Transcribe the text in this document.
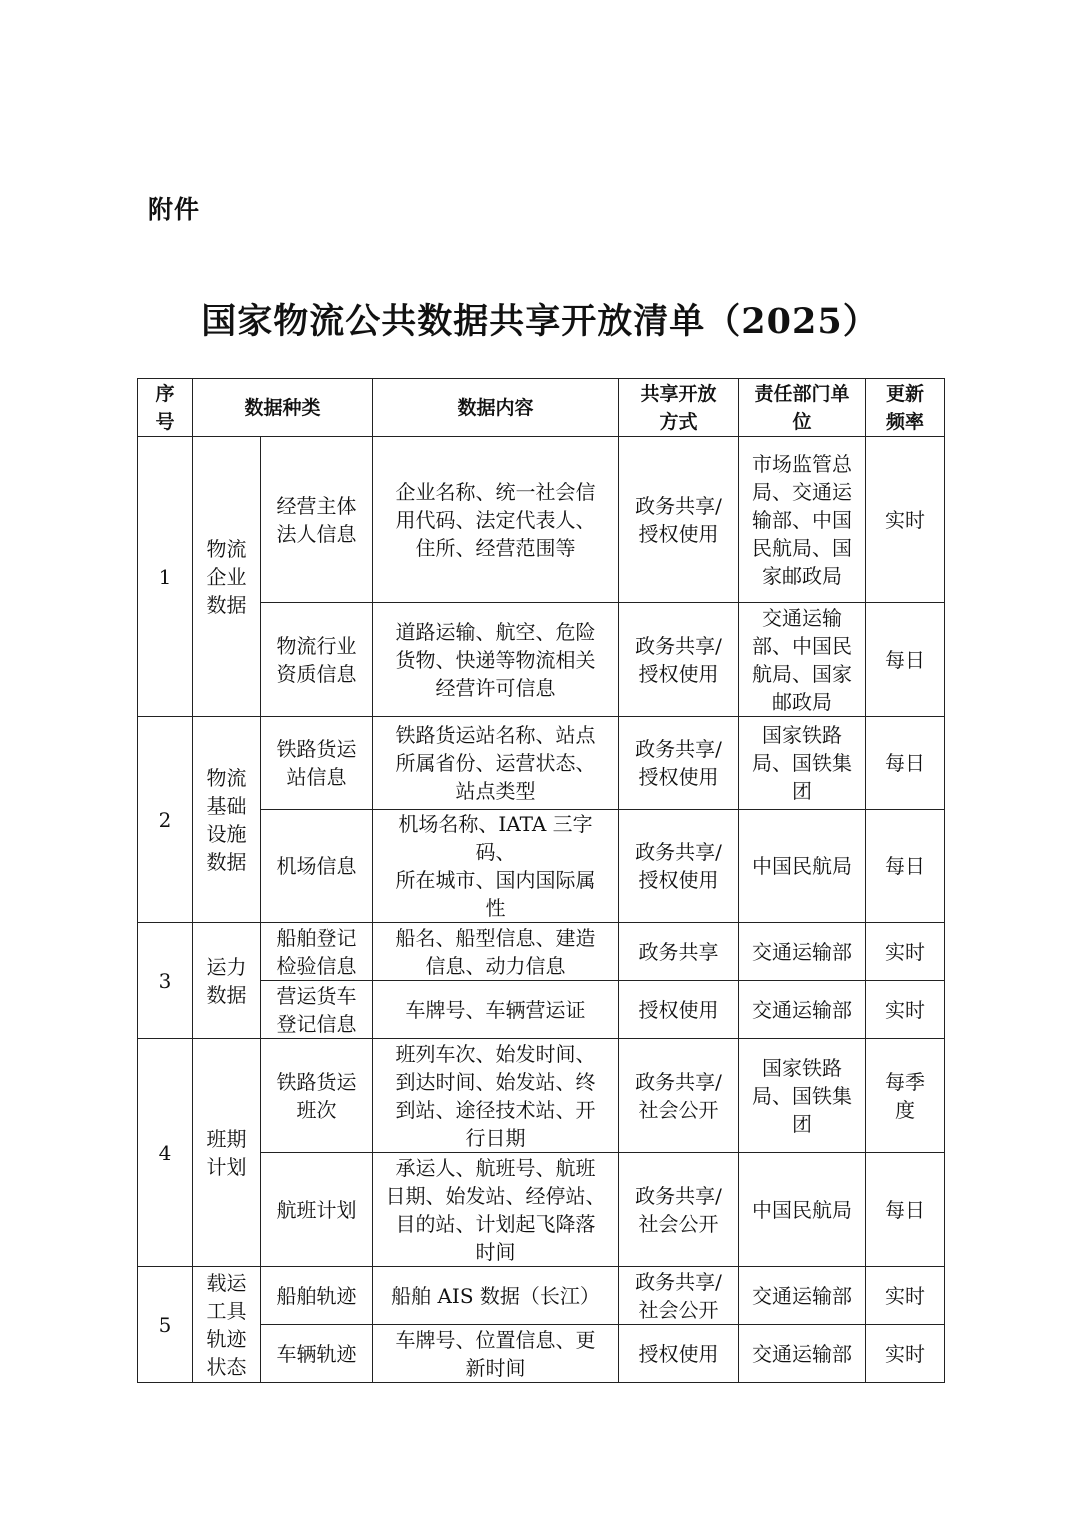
附件
国家物流公共数据共享开放清单（2025）
序
号	数据种类		数据内容	共享开放
方式	责任部门单
位	更新
频率

1	物流
企业
数据	经营主体
法人信息	企业名称、统一社会信
用代码、法定代表人、
住所、经营范围等	政务共享/
授权使用	市场监管总
局、交通运
输部、中国
民航局、国
家邮政局	实时

		物流行业
资质信息	道路运输、航空、危险
货物、快递等物流相关
经营许可信息	政务共享/
授权使用	交通运输
部、中国民
航局、国家
邮政局	每日

2	物流
基础
设施
数据	铁路货运
站信息	铁路货运站名称、站点
所属省份、运营状态、
站点类型	政务共享/
授权使用	国家铁路
局、国铁集
团	每日

		机场信息	机场名称、IATA 三字码、
所在城市、国内国际属
性	政务共享/
授权使用	中国民航局	每日

3	运力
数据	船舶登记
检验信息	船名、船型信息、建造
信息、动力信息	政务共享	交通运输部	实时

		营运货车
登记信息	车牌号、车辆营运证	授权使用	交通运输部	实时

4	班期
计划	铁路货运
班次	班列车次、始发时间、
到达时间、始发站、终
到站、途径技术站、开
行日期	政务共享/
社会公开	国家铁路
局、国铁集
团	每季
度

		航班计划	承运人、航班号、航班
日期、始发站、经停站、
目的站、计划起飞降落
时间	政务共享/
社会公开	中国民航局	每日

5	载运
工具
轨迹
状态	船舶轨迹	船舶 AIS 数据（长江）	政务共享/
社会公开	交通运输部	实时

		车辆轨迹	车牌号、位置信息、更
新时间	授权使用	交通运输部	实时
